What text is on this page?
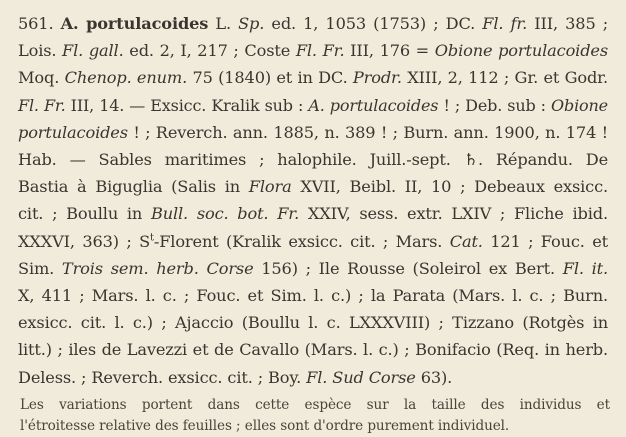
561. A. portulacoides L. Sp. ed. 1, 1053 (1753) ; DC. Fl. fr. III, 385 ;
Lois. Fl. gall. ed. 2, I, 217 ; Coste Fl. Fr. III, 176 = Obione portulacoides
Moq. Chenop. enum. 75 (1840) et in DC. Prodr. XIII, 2, 112 ; Gr. et Godr.
Fl. Fr. III, 14. — Exsicc. Kralik sub : A. portulacoides ! ; Deb. sub : Obione
portulacoides ! ; Reverch. ann. 1885, n. 389 ! ; Burn. ann. 1900, n. 174 !
Hab. — Sables maritimes ; halophile. Juill.-sept. ♄. Répandu. De
Bastia à Biguglia (Salis in Flora XVII, Beibl. II, 10 ; Debeaux exsicc.
cit. ; Boullu in Bull. soc. bot. Fr. XXIV, sess. extr. LXIV ; Fliche ibid.
XXXVI, 363) ; $S^t$-Florent (Kralik exsicc. cit. ; Mars. Cat. 121 ; Fouc. et
Sim. Trois sem. herb. Corse 156) ; Ile Rousse (Soleirol ex Bert. Fl. it.
X, 411 ; Mars. l. c. ; Fouc. et Sim. l. c.) ; la Parata (Mars. l. c. ; Burn.
exsicc. cit. l. c.) ; Ajaccio (Boullu l. c. LXXXVIII) ; Tizzano (Rotgès in
litt.) ; iles de Lavezzi et de Cavallo (Mars. l. c.) ; Bonifacio (Req. in herb.
Deless. ; Reverch. exsicc. cit. ; Boy. Fl. Sud Corse 63).
Les variations portent dans cette espèce sur la taille des individus et
l'étroitesse relative des feuilles ; elles sont d'ordre purement individuel.
